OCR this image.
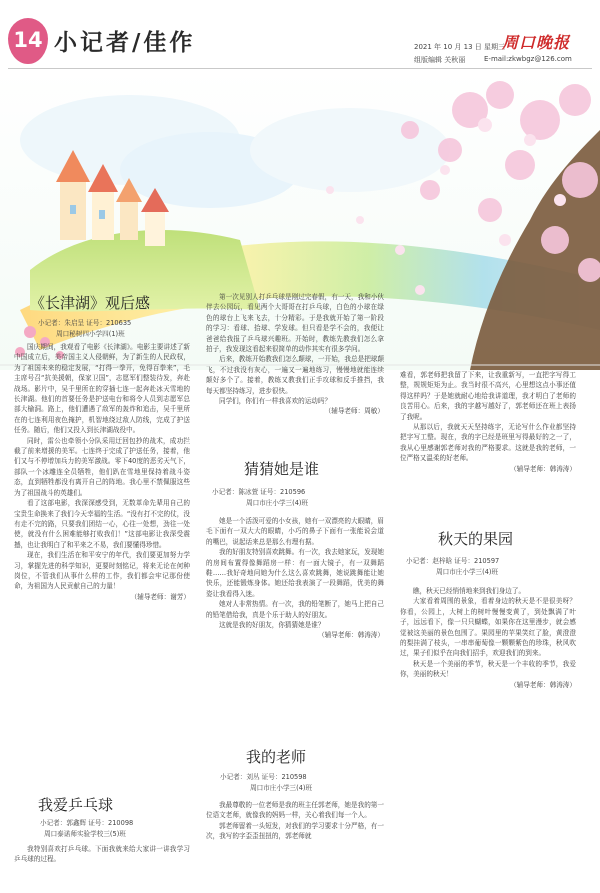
14 小记者/佳作	2021 年 10 月 13 日 星期三
组版编辑 关秋丽
周口晚报
E-mail:zkwbgz@126.com
《长津湖》观后感
小记者：朱启呈 证号：210635
周口秘树四小学四(1)班

国庆期间，我观看了电影《长津湖》。电影主要讲述了新中国成立后，美帝国主义人侵朝鲜，为了新生的人民政权，为了祖国未来的稳定发展，“打得一拳开，免得百拳来”，毛主席号召“抗美援朝，保家卫国”，志愿军们整装待发，奔赴战场。影片中，吴千里所在的穿插七连一起奔赴冰天雪地的长津湖。他们的首要任务是护送电台和将令人员到志愿军总部大榆洞。路上，他们遭遇了敌军的轰炸和追击，吴千里所在的七连利用夜色掩护，机智地绕过敌人防线，完成了护送任务。随后，他们又投入到长津湖战役中。

同时，雷公也牵领小分队采用迂回包抄的战术，成功拦截了前来增援的美军。七连终于完成了护送任务，接着，他们又与不停增加兵力的美军激战。零下40度的恶劣天气下，部队一个冰雕连全员牺牲，他们趴在雪地里保持着战斗姿态，直到牺牲都没有离开自己的阵地。我心里不禁佩服这些为了祖国战斗的英雄们。

看了这部电影，我深深感受到，无数革命先辈用自己的宝贵生命换来了我们今天幸福的生活。“没有打不完的仗，没有走不完的路，只要我们团结一心，心往一处想，劲往一处使，就没有什么困难能够打败我们！”这部电影让我深受震撼，也让我明白了和平来之不易，我们要懂得珍惜。

现在，我们生活在和平安宁的年代，我们要更加努力学习，掌握先进的科学知识，更要时刻铭记，将来无论在何种岗位，不管我们从事什么样的工作，我们都会牢记那份使命，为祖国为人民贡献自己的力量！

（辅导老师：谢芳）
我爱乒乓球
小记者：郭鑫辉 证号：210098
周口泰诺师实验学校三(5)班

我特别喜欢打乒乓球。下面我就来给大家讲一讲我学习乒乓球的过程。

第一次见别人打乒乓球是刚过完春假，有一天，我和小伙伴去公园玩，看见两个大哥哥在打乒乓球，白色的小球在绿色的球台上飞来飞去，十分精彩。于是我就开始了第一阶段的学习：看球、拾球、学发球。但只看是学不会的，我便让爸爸给我报了乒乓球兴趣班。开始时，教练先教我们怎么拿拍子，我发现这看起来很简单的动作其实有很多学问。

后来，教练开始教我们怎么颠球，一开始，我总是把球颠飞，不过我没有灰心，一遍又一遍地练习，慢慢地就能连续颠好多个了。接着，教练又教我们正手攻球和反手推挡，我每天都坚持练习，进步很快。

同学们，你们有一样我喜欢的运动吗？

（辅导老师：周敏）
猜猜她是谁
小记者：陈冰萱 证号：210596
周口市庄小学三(4)班

她是一个活泼可爱的小女孩，她有一双漂亮的大眼睛，眉毛下面有一双大大的眼睛，小巧的鼻子下面有一张能说会道的嘴巴，说起话来总是那么有理有据。

我的好朋友特别喜欢跳舞。有一次，我去她家玩，发现她的房间布置得像舞蹈房一样：有一面大镜子，有一双舞蹈鞋……我好奇地问她为什么这么喜欢跳舞，她说跳舞能让她快乐，还能锻炼身体。她还给我表演了一段舞蹈，优美的舞姿让我看得入迷。

她对人非常热情。有一次，我的铅笔断了，她马上把自己的铅笔借给我，真是个乐于助人的好朋友。

这就是我的好朋友，你猜猜她是谁？

（辅导老师：韩涛涛）
我的老师
小记者：刘丛 证号：210598
周口市庄小学三(4)班

我最尊敬的一位老师是我的班主任郭老师，她是我的第一位语文老师，就像我的妈妈一样，关心着我们每一个人。

郭老师留着一头短发，对我们的学习要求十分严格，有一次，我写的字歪歪扭扭的，郭老师就

难看，郭老师把我留了下来，让我重新写，一直把字写得工整，规规矩矩为止。我当时很不高兴，心里想这点小事还值得这样吗？于是她就耐心地给我讲道理，我才明白了老师的良苦用心。后来，我的字越写越好了，郭老师还在班上表扬了我呢。

从那以后，我就天天坚持练字，无论写什么作业都坚持把字写工整。现在，我的字已经是班里写得最好的之一了，我从心里感谢郭老师对我的严格要求。这就是我的老师，一位严格又温柔的好老师。

（辅导老师：韩涛涛）
秋天的果园
小记者：赵梓晗 证号：210597
周口市庄小学三(4)班

瞧，秋天已经悄悄地来到我们身边了。

大家看着周围的景象，看着身边的秋天是不是很美呀？你看，公园上，大树上的树叶慢慢变黄了，到处飘满了叶子，远远看下，像一只只蝴蝶，如果你在这里漫步，就会感觉被这美丽的景色包围了。果园里的苹果笑红了脸，黄澄澄的梨挂满了枝头，一串串葡萄像一颗颗紫色的珍珠，秋风吹过，果子们似乎在向我们招手，欢迎我们的到来。

秋天是一个美丽的季节，秋天是一个丰收的季节，我爱你，美丽的秋天！

（辅导老师：韩涛涛）
